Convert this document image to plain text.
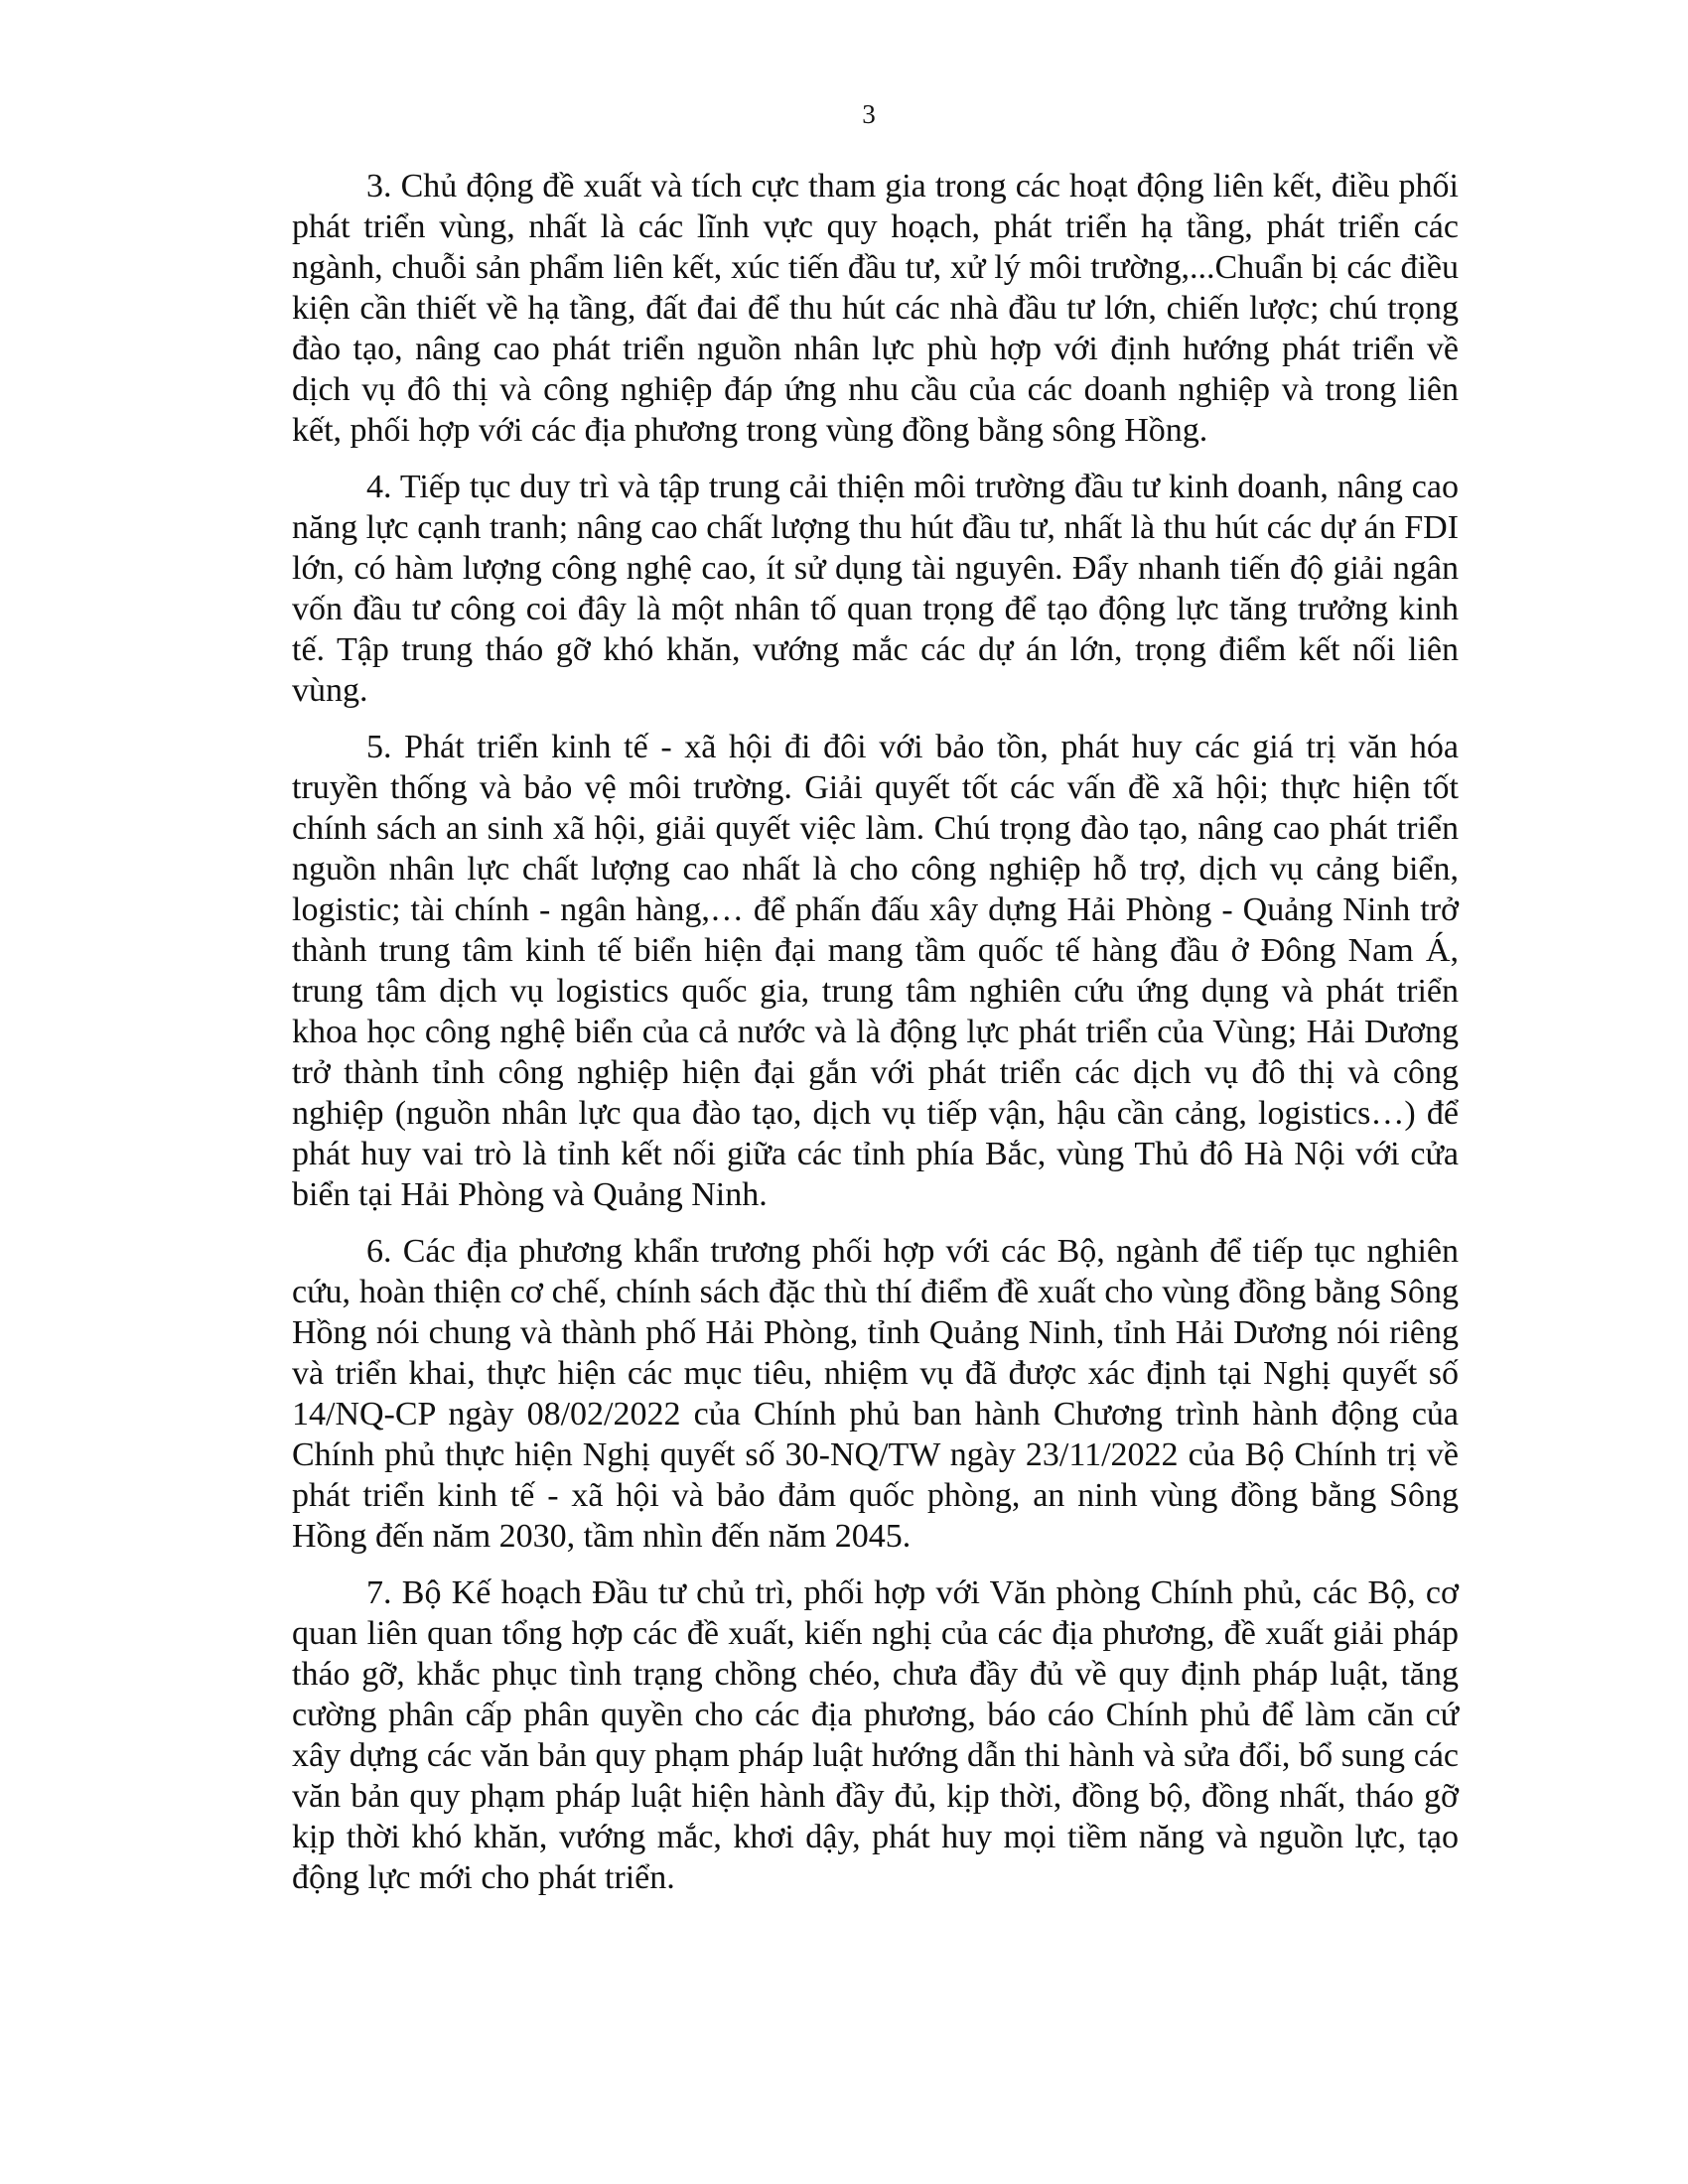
3

3. Chủ động đề xuất và tích cực tham gia trong các hoạt động liên kết, điều phối phát triển vùng, nhất là các lĩnh vực quy hoạch, phát triển hạ tầng, phát triển các ngành, chuỗi sản phẩm liên kết, xúc tiến đầu tư, xử lý môi trường,...Chuẩn bị các điều kiện cần thiết về hạ tầng, đất đai để thu hút các nhà đầu tư lớn, chiến lược; chú trọng đào tạo, nâng cao phát triển nguồn nhân lực phù hợp với định hướng phát triển về dịch vụ đô thị và công nghiệp đáp ứng nhu cầu của các doanh nghiệp và trong liên kết, phối hợp với các địa phương trong vùng đồng bằng sông Hồng.

4. Tiếp tục duy trì và tập trung cải thiện môi trường đầu tư kinh doanh, nâng cao năng lực cạnh tranh; nâng cao chất lượng thu hút đầu tư, nhất là thu hút các dự án FDI lớn, có hàm lượng công nghệ cao, ít sử dụng tài nguyên. Đẩy nhanh tiến độ giải ngân vốn đầu tư công coi đây là một nhân tố quan trọng để tạo động lực tăng trưởng kinh tế. Tập trung tháo gỡ khó khăn, vướng mắc các dự án lớn, trọng điểm kết nối liên vùng.

5. Phát triển kinh tế - xã hội đi đôi với bảo tồn, phát huy các giá trị văn hóa truyền thống và bảo vệ môi trường. Giải quyết tốt các vấn đề xã hội; thực hiện tốt chính sách an sinh xã hội, giải quyết việc làm. Chú trọng đào tạo, nâng cao phát triển nguồn nhân lực chất lượng cao nhất là cho công nghiệp hỗ trợ, dịch vụ cảng biển, logistic; tài chính - ngân hàng,… để phấn đấu xây dựng Hải Phòng - Quảng Ninh trở thành trung tâm kinh tế biển hiện đại mang tầm quốc tế hàng đầu ở Đông Nam Á, trung tâm dịch vụ logistics quốc gia, trung tâm nghiên cứu ứng dụng và phát triển khoa học công nghệ biển của cả nước và là động lực phát triển của Vùng; Hải Dương trở thành tỉnh công nghiệp hiện đại gắn với phát triển các dịch vụ đô thị và công nghiệp (nguồn nhân lực qua đào tạo, dịch vụ tiếp vận, hậu cần cảng, logistics…) để phát huy vai trò là tỉnh kết nối giữa các tỉnh phía Bắc, vùng Thủ đô Hà Nội với cửa biển tại Hải Phòng và Quảng Ninh.

6. Các địa phương khẩn trương phối hợp với các Bộ, ngành để tiếp tục nghiên cứu, hoàn thiện cơ chế, chính sách đặc thù thí điểm đề xuất cho vùng đồng bằng Sông Hồng nói chung và thành phố Hải Phòng, tỉnh Quảng Ninh, tỉnh Hải Dương nói riêng và triển khai, thực hiện các mục tiêu, nhiệm vụ đã được xác định tại Nghị quyết số 14/NQ-CP ngày 08/02/2022 của Chính phủ ban hành Chương trình hành động của Chính phủ thực hiện Nghị quyết số 30-NQ/TW ngày 23/11/2022 của Bộ Chính trị về phát triển kinh tế - xã hội và bảo đảm quốc phòng, an ninh vùng đồng bằng Sông Hồng đến năm 2030, tầm nhìn đến năm 2045.

7. Bộ Kế hoạch Đầu tư chủ trì, phối hợp với Văn phòng Chính phủ, các Bộ, cơ quan liên quan tổng hợp các đề xuất, kiến nghị của các địa phương, đề xuất giải pháp tháo gỡ, khắc phục tình trạng chồng chéo, chưa đầy đủ về quy định pháp luật, tăng cường phân cấp phân quyền cho các địa phương, báo cáo Chính phủ để làm căn cứ xây dựng các văn bản quy phạm pháp luật hướng dẫn thi hành và sửa đổi, bổ sung các văn bản quy phạm pháp luật hiện hành đầy đủ, kịp thời, đồng bộ, đồng nhất, tháo gỡ kịp thời khó khăn, vướng mắc, khơi dậy, phát huy mọi tiềm năng và nguồn lực, tạo động lực mới cho phát triển.
